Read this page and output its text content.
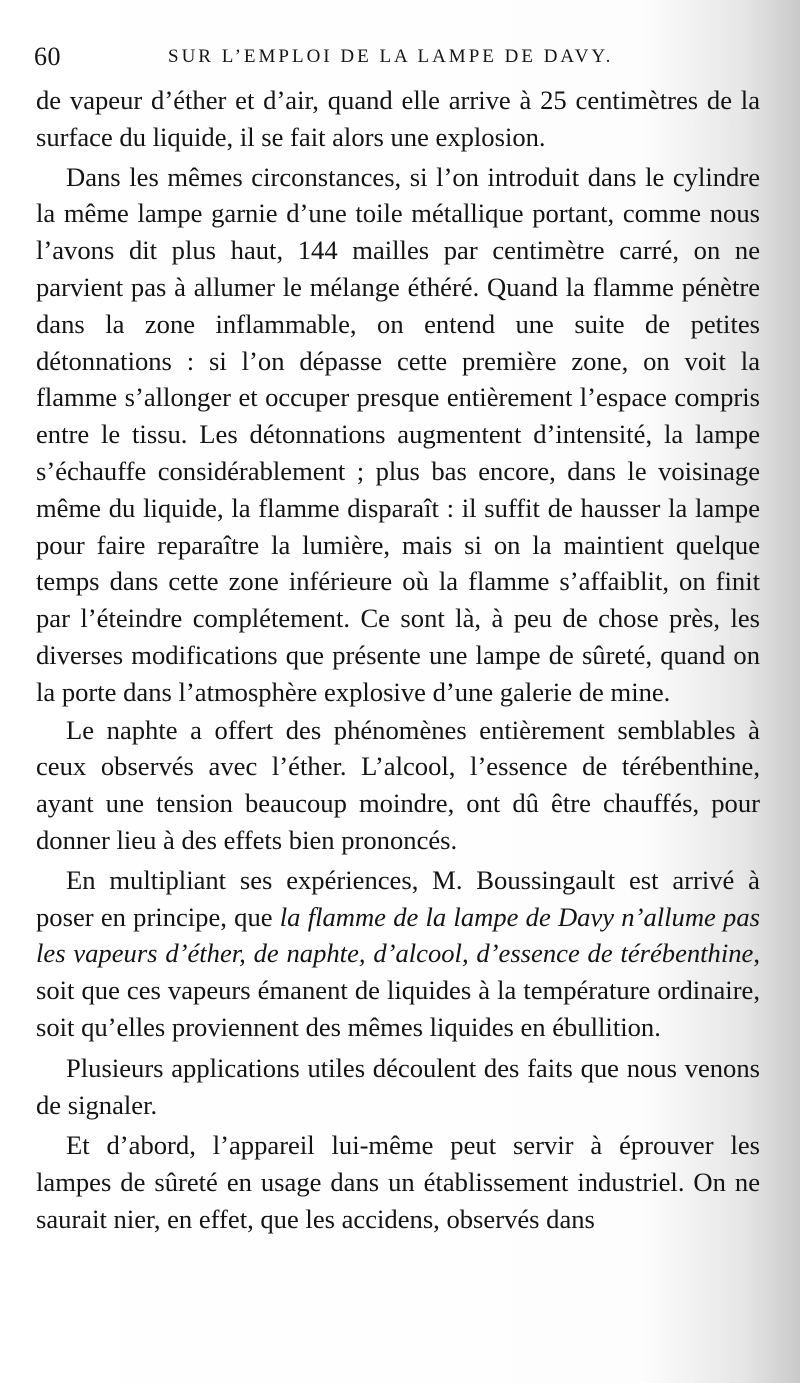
60	SUR L’EMPLOI DE LA LAMPE DE DAVY.

de vapeur d’éther et d’air, quand elle arrive à 25 centimètres de la surface du liquide, il se fait alors une explosion.

Dans les mêmes circonstances, si l’on introduit dans le cylindre la même lampe garnie d’une toile métallique portant, comme nous l’avons dit plus haut, 144 mailles par centimètre carré, on ne parvient pas à allumer le mélange éthéré. Quand la flamme pénètre dans la zone inflammable, on entend une suite de petites détonnations : si l’on dépasse cette première zone, on voit la flamme s’allonger et occuper presque entièrement l’espace compris entre le tissu. Les détonnations augmentent d’intensité, la lampe s’échauffe considérablement ; plus bas encore, dans le voisinage même du liquide, la flamme disparaît : il suffit de hausser la lampe pour faire reparaître la lumière, mais si on la maintient quelque temps dans cette zone inférieure où la flamme s’affaiblit, on finit par l’éteindre complétement. Ce sont là, à peu de chose près, les diverses modifications que présente une lampe de sûreté, quand on la porte dans l’atmosphère explosive d’une galerie de mine.

Le naphte a offert des phénomènes entièrement semblables à ceux observés avec l’éther. L’alcool, l’essence de térébenthine, ayant une tension beaucoup moindre, ont dû être chauffés, pour donner lieu à des effets bien prononcés.

En multipliant ses expériences, M. Boussingault est arrivé à poser en principe, que la flamme de la lampe de Davy n’allume pas les vapeurs d’éther, de naphte, d’alcool, d’essence de térébenthine, soit que ces vapeurs émanent de liquides à la température ordinaire, soit qu’elles proviennent des mêmes liquides en ébullition.

Plusieurs applications utiles découlent des faits que nous venons de signaler.

Et d’abord, l’appareil lui-même peut servir à éprouver les lampes de sûreté en usage dans un établissement industriel. On ne saurait nier, en effet, que les accidens, observés dans
